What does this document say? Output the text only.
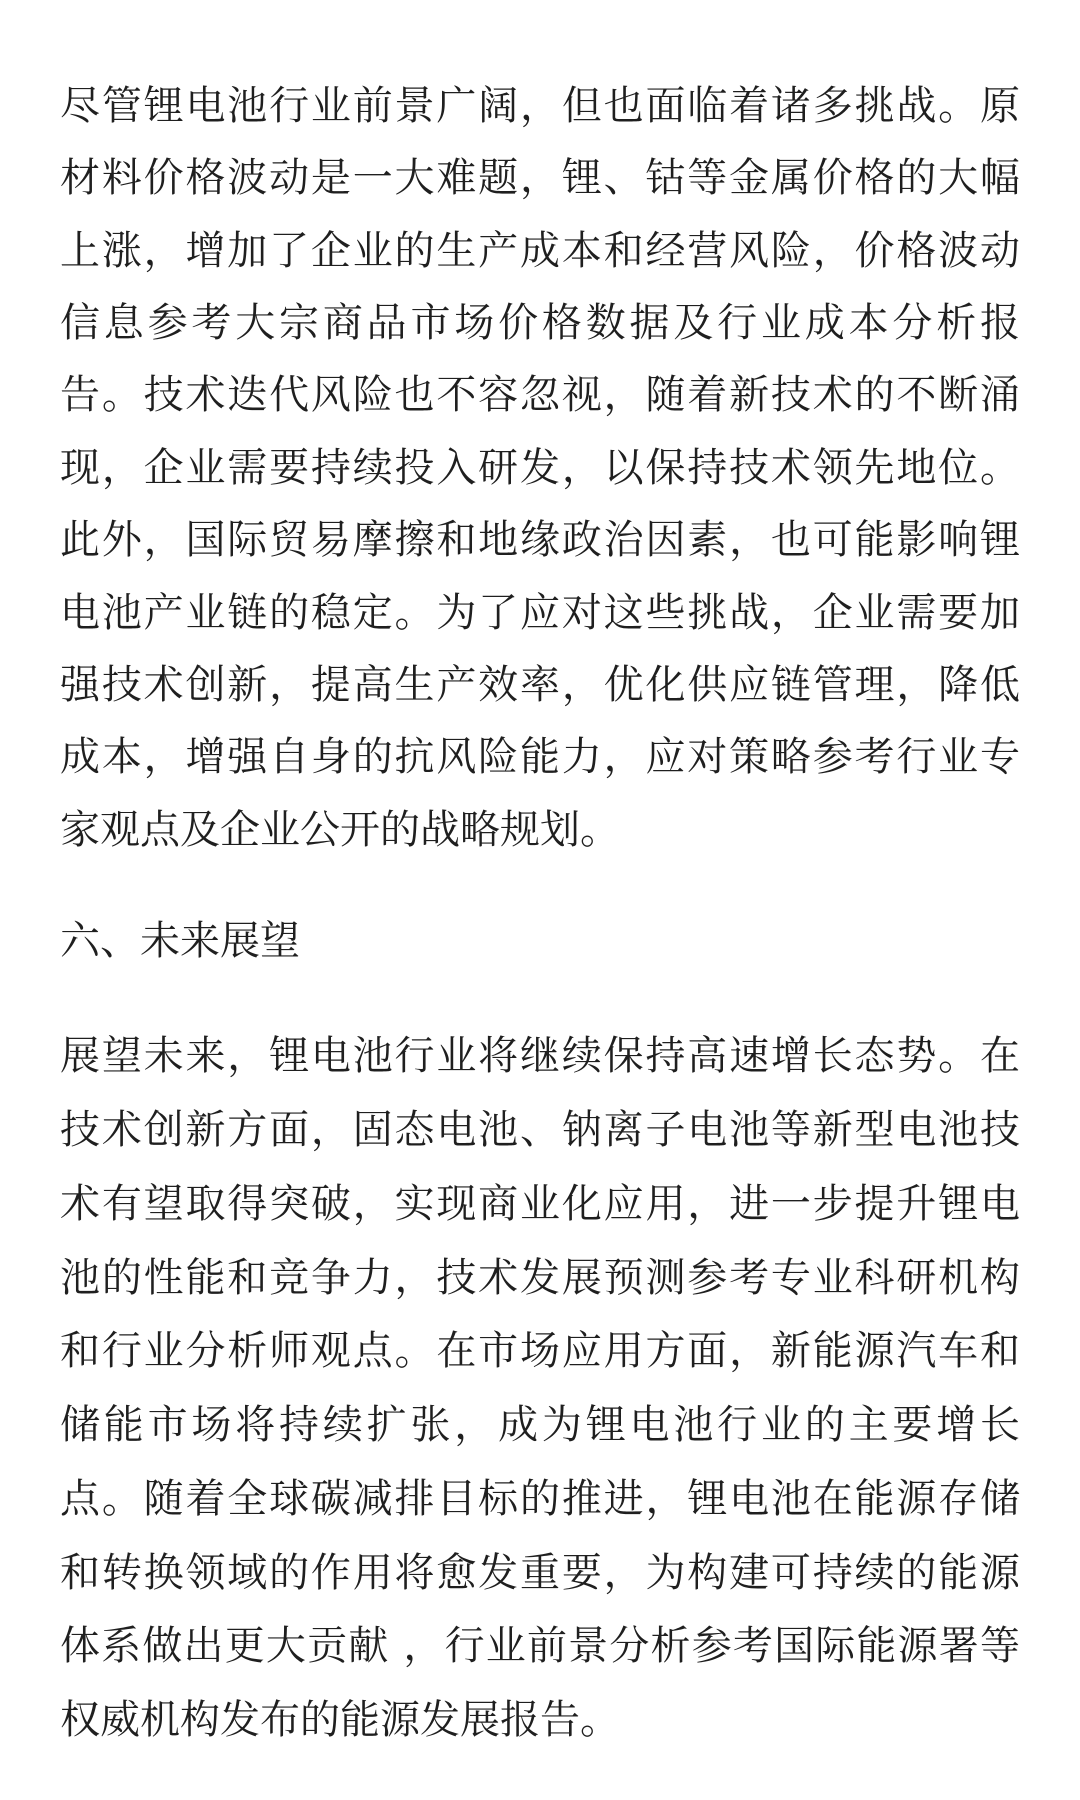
尽管锂电池行业前景广阔，但也面临着诸多挑战。原
材料价格波动是一大难题，锂、钴等金属价格的大幅
上涨，增加了企业的生产成本和经营风险，价格波动
信息参考大宗商品市场价格数据及行业成本分析报
告。技术迭代风险也不容忽视，随着新技术的不断涌
现，企业需要持续投入研发，以保持技术领先地位。
此外，国际贸易摩擦和地缘政治因素，也可能影响锂
电池产业链的稳定。为了应对这些挑战，企业需要加
强技术创新，提高生产效率，优化供应链管理，降低
成本，增强自身的抗风险能力，应对策略参考行业专
家观点及企业公开的战略规划。
六、未来展望
展望未来，锂电池行业将继续保持高速增长态势。在
技术创新方面，固态电池、钠离子电池等新型电池技
术有望取得突破，实现商业化应用，进一步提升锂电
池的性能和竞争力，技术发展预测参考专业科研机构
和行业分析师观点。在市场应用方面，新能源汽车和
储能市场将持续扩张，成为锂电池行业的主要增长
点。随着全球碳减排目标的推进，锂电池在能源存储
和转换领域的作用将愈发重要，为构建可持续的能源
体系做出更大贡献 ，行业前景分析参考国际能源署等
权威机构发布的能源发展报告。
